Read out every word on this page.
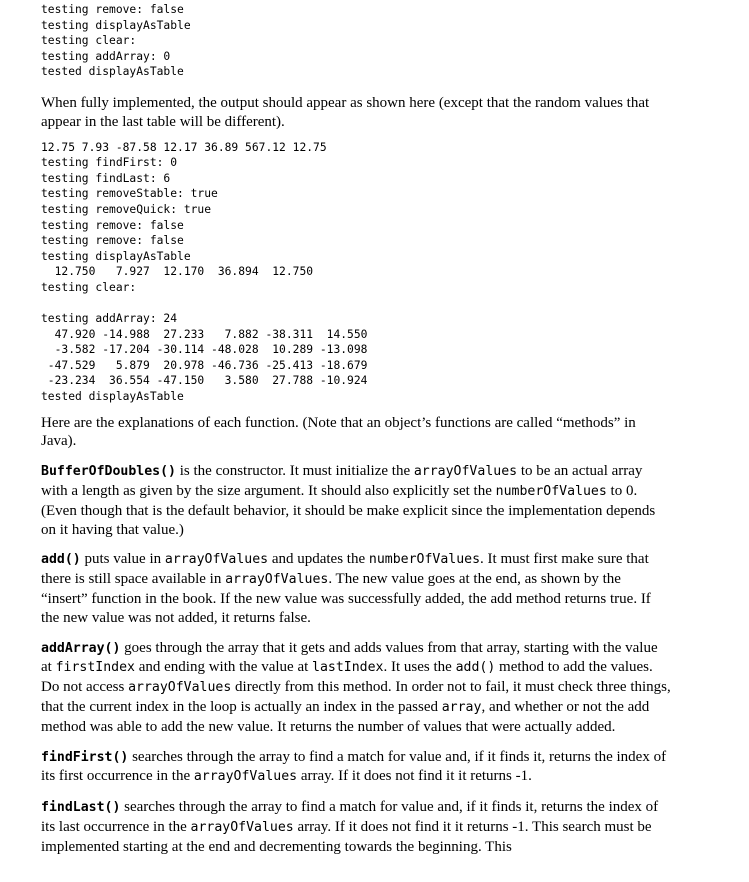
testing remove: false
testing displayAsTable
testing clear:
testing addArray: 0
tested displayAsTable

When fully implemented, the output should appear as shown here (except that the random values that appear in the last table will be different).

12.75 7.93 -87.58 12.17 36.89 567.12 12.75
testing findFirst: 0
testing findLast: 6
testing removeStable: true
testing removeQuick: true
testing remove: false
testing remove: false
testing displayAsTable
12.750   7.927  12.170  36.894  12.750
testing clear:
testing addArray: 24
47.920 -14.988  27.233   7.882 -38.311  14.550
-3.582 -17.204 -30.114 -48.028  10.289 -13.098
-47.529   5.879  20.978 -46.736 -25.413 -18.679
-23.234  36.554 -47.150   3.580  27.788 -10.924
tested displayAsTable

Here are the explanations of each function. (Note that an object’s functions are called “methods” in Java).

BufferOfDoubles() is the constructor. It must initialize the arrayOfValues to be an actual array with a length as given by the size argument. It should also explicitly set the numberOfValues to 0. (Even though that is the default behavior, it should be make explicit since the implementation depends on it having that value.)

add() puts value in arrayOfValues and updates the numberOfValues. It must first make sure that there is still space available in arrayOfValues. The new value goes at the end, as shown by the “insert” function in the book. If the new value was successfully added, the add method returns true. If the new value was not added, it returns false.

addArray() goes through the array that it gets and adds values from that array, starting with the value at firstIndex and ending with the value at lastIndex. It uses the add() method to add the values. Do not access arrayOfValues directly from this method. In order not to fail, it must check three things, that the current index in the loop is actually an index in the passed array, and whether or not the add method was able to add the new value. It returns the number of values that were actually added.

findFirst() searches through the array to find a match for value and, if it finds it, returns the index of its first occurrence in the arrayOfValues array. If it does not find it it returns -1.

findLast() searches through the array to find a match for value and, if it finds it, returns the index of its last occurrence in the arrayOfValues array. If it does not find it it returns -1. This search must be implemented starting at the end and decrementing towards the beginning. This
